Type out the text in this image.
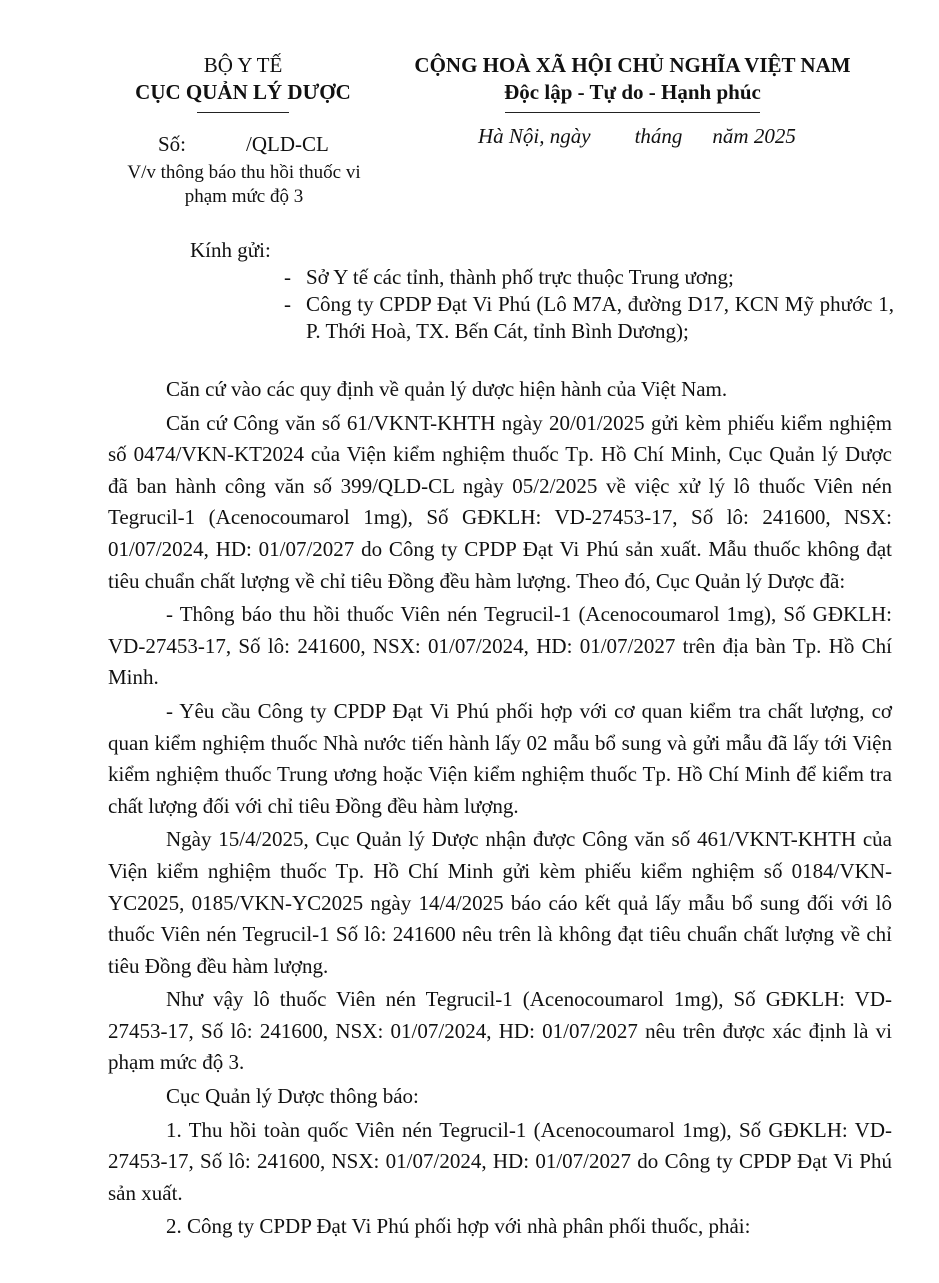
BỘ Y TẾ
CỤC QUẢN LÝ DƯỢC
CỘNG HOÀ XÃ HỘI CHỦ NGHĨA VIỆT NAM
Độc lập - Tự do - Hạnh phúc
Số:	/QLD-CL
V/v thông báo thu hồi thuốc vi phạm mức độ 3
Hà Nội, ngày tháng năm 2025
Kính gửi:
- Sở Y tế các tỉnh, thành phố trực thuộc Trung ương;
- Công ty CPDP Đạt Vi Phú (Lô M7A, đường D17, KCN Mỹ phước 1, P. Thới Hoà, TX. Bến Cát, tỉnh Bình Dương);

Căn cứ vào các quy định về quản lý dược hiện hành của Việt Nam.

Căn cứ Công văn số 61/VKNT-KHTH ngày 20/01/2025 gửi kèm phiếu kiểm nghiệm số 0474/VKN-KT2024 của Viện kiểm nghiệm thuốc Tp. Hồ Chí Minh, Cục Quản lý Dược đã ban hành công văn số 399/QLD-CL ngày 05/2/2025 về việc xử lý lô thuốc Viên nén Tegrucil-1 (Acenocoumarol 1mg), Số GĐKLH: VD-27453-17, Số lô: 241600, NSX: 01/07/2024, HD: 01/07/2027 do Công ty CPDP Đạt Vi Phú sản xuất. Mẫu thuốc không đạt tiêu chuẩn chất lượng về chỉ tiêu Đồng đều hàm lượng. Theo đó, Cục Quản lý Dược đã:

- Thông báo thu hồi thuốc Viên nén Tegrucil-1 (Acenocoumarol 1mg), Số GĐKLH: VD-27453-17, Số lô: 241600, NSX: 01/07/2024, HD: 01/07/2027 trên địa bàn Tp. Hồ Chí Minh.

- Yêu cầu Công ty CPDP Đạt Vi Phú phối hợp với cơ quan kiểm tra chất lượng, cơ quan kiểm nghiệm thuốc Nhà nước tiến hành lấy 02 mẫu bổ sung và gửi mẫu đã lấy tới Viện kiểm nghiệm thuốc Trung ương hoặc Viện kiểm nghiệm thuốc Tp. Hồ Chí Minh để kiểm tra chất lượng đối với chỉ tiêu Đồng đều hàm lượng.

Ngày 15/4/2025, Cục Quản lý Dược nhận được Công văn số 461/VKNT-KHTH của Viện kiểm nghiệm thuốc Tp. Hồ Chí Minh gửi kèm phiếu kiểm nghiệm số 0184/VKN-YC2025, 0185/VKN-YC2025 ngày 14/4/2025 báo cáo kết quả lấy mẫu bổ sung đối với lô thuốc Viên nén Tegrucil-1 Số lô: 241600 nêu trên là không đạt tiêu chuẩn chất lượng về chỉ tiêu Đồng đều hàm lượng.

Như vậy lô thuốc Viên nén Tegrucil-1 (Acenocoumarol 1mg), Số GĐKLH: VD-27453-17, Số lô: 241600, NSX: 01/07/2024, HD: 01/07/2027 nêu trên được xác định là vi phạm mức độ 3.

Cục Quản lý Dược thông báo:

1. Thu hồi toàn quốc Viên nén Tegrucil-1 (Acenocoumarol 1mg), Số GĐKLH: VD-27453-17, Số lô: 241600, NSX: 01/07/2024, HD: 01/07/2027 do Công ty CPDP Đạt Vi Phú sản xuất.

2. Công ty CPDP Đạt Vi Phú phối hợp với nhà phân phối thuốc, phải:
